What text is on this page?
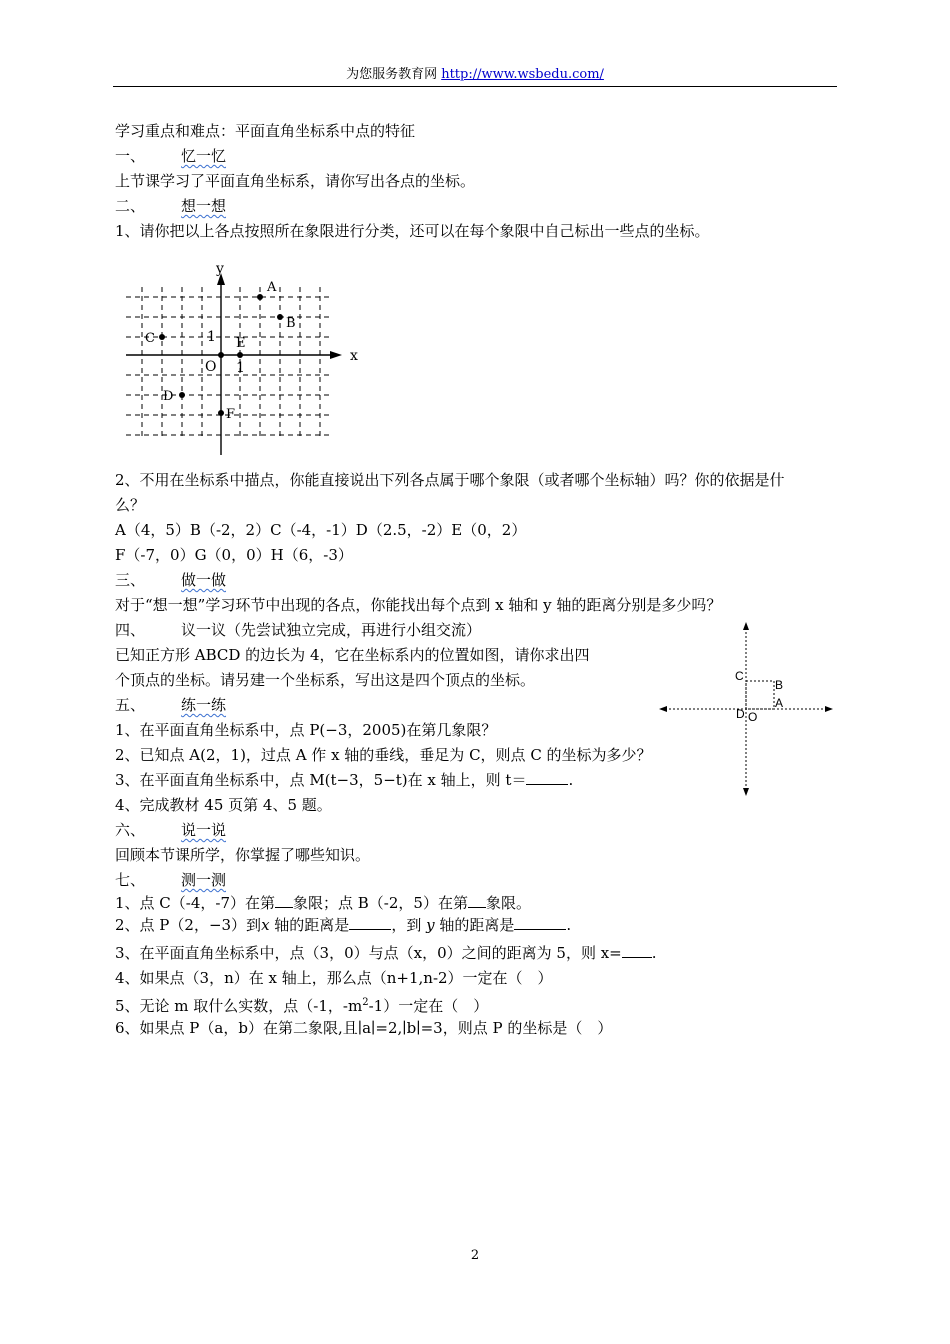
为您服务教育网 http://www.wsbedu.com/
学习重点和难点：平面直角坐标系中点的特征
一、 忆一忆
上节课学习了平面直角坐标系，请你写出各点的坐标。
二、 想一想
1、请你把以上各点按照所在象限进行分类，还可以在每个象限中自己标出一些点的坐标。
x
y
O 1
1
A
B
C	E
D
F
2、不用在坐标系中描点，你能直接说出下列各点属于哪个象限（或者哪个坐标轴）吗？你的依据是什
么？
A（4，5）B（-2，2）C（-4，-1）D（2.5，-2）E（0，2）
F（-7，0）G（0，0）H（6，-3）
三、 做一做
对于“想一想”学习环节中出现的各点，你能找出每个点到 x 轴和 y 轴的距离分别是多少吗？
四、 议一议（先尝试独立完成，再进行小组交流）
已知正方形 ABCD 的边长为 4，它在坐标系内的位置如图，请你求出四
个顶点的坐标。请另建一个坐标系，写出这是四个顶点的坐标。	C
B
A
D O
五、 练一练
1、在平面直角坐标系中，点 P(−3，2005)在第几象限？
2、已知点 A(2，1)，过点 A 作 x 轴的垂线，垂足为 C，则点 C 的坐标为多少？
3、在平面直角坐标系中，点 M(t−3，5−t)在 x 轴上，则 t＝	.
4、完成教材 45 页第 4、5 题。
六、 说一说
回顾本节课所学，你掌握了哪些知识。
七、 测一测
1、点 C（-4，-7）在第 象限；点 B（-2，5）在第 象限。
2、点 P（2，−3）到x 轴的距离是	，到 y 轴的距离是	.
3、在平面直角坐标系中，点（3，0）与点（x，0）之间的距离为 5，则 x= .
4、如果点（3，n）在 x 轴上，那么点（n+1,n-2）一定在（　）
5、无论 m 取什么实数，点（-1，$-m^2-1$）一定在（　）
6、如果点 P（a，b）在第二象限,且∣a∣=2,∣b∣=3，则点 P 的坐标是（　）
2
